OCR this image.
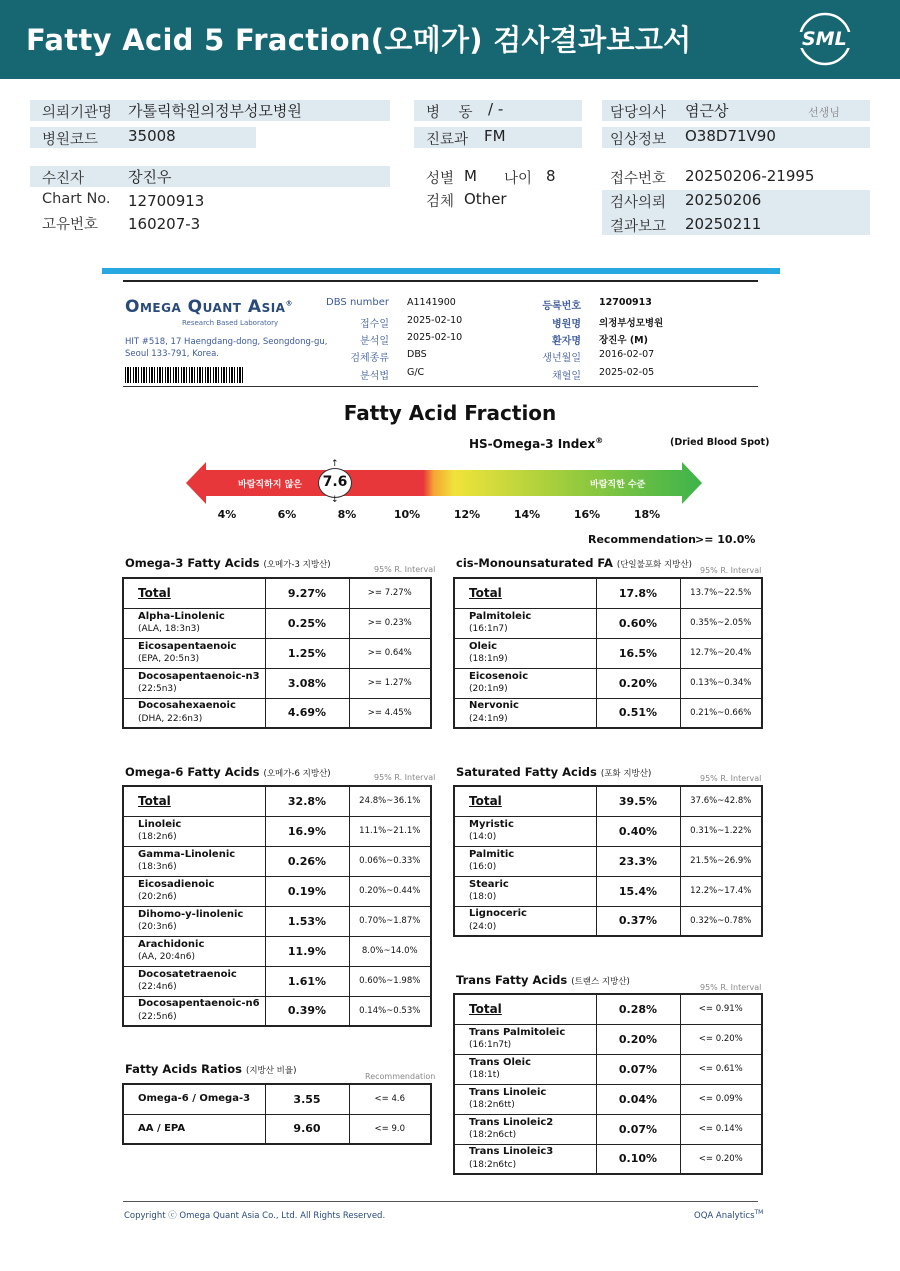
Fatty Acid 5 Fraction(오메가) 검사결과보고서	SML
의뢰기관명 가톨릭학원의정부성모병원
병원코드 35008
병    동 / -
진료과 FM
담당의사 염근상	선생님
임상정보 O38D71V90
수진자	장진우
Chart No. 12700913
고유번호 160207-3
성별 M 나이 8
검체 Other
접수번호 20250206-21995
검사의뢰 20250206
결과보고 20250211
Omega Quant Asia®
Research Based Laboratory
HIT #518, 17 Haengdang-dong, Seongdong-gu,
Seoul 133-791, Korea.
DBS number A1141900
접수일 2025-02-10
분석일 2025-02-10
검체종류 DBS
분석법 G/C
등록번호 12700913
병원명 의정부성모병원
환자명 장진우 (M)
생년월일 2016-02-07
채혈일 2025-02-05
Fatty Acid Fraction
HS-Omega-3 Index®	(Dried Blood Spot)
바람직하지 않은	바람직한 수준
↑
↓
7.6
4%	6%	8%	10%	12%	14%	16%	18%
Recommendation >= 10.0%
Omega-3 Fatty Acids (오메가-3 지방산)	95% R. Interval cis-Monounsaturated FA (단일불포화 지방산)
95% R. Interval
Omega-6 Fatty Acids (오메가-6 지방산)	95% R. Interval Saturated Fatty Acids (포화 지방산)	95% R. Interval
Trans Fatty Acids (트랜스 지방산)
95% R. Interval
Fatty Acids Ratios (지방산 비율)
Recommendation
Total	9.27%	>= 7.27%
Alpha-Linolenic
(ALA, 18:3n3)	0.25%	>= 0.23%
Eicosapentaenoic
(EPA, 20:5n3)	1.25%	>= 0.64%
Docosapentaenoic-n3
(22:5n3)	3.08%	>= 1.27%
Docosahexaenoic
(DHA, 22:6n3)	4.69%	>= 4.45%
Total	17.8%	13.7%~22.5%
Palmitoleic
(16:1n7)	0.60%	0.35%~2.05%
Oleic
(18:1n9)	16.5%	12.7%~20.4%
Eicosenoic
(20:1n9)	0.20%	0.13%~0.34%
Nervonic
(24:1n9)	0.51%	0.21%~0.66%
Total	32.8%	24.8%~36.1%
Linoleic
(18:2n6)	16.9%	11.1%~21.1%
Gamma-Linolenic
(18:3n6)	0.26%	0.06%~0.33%
Eicosadienoic
(20:2n6)	0.19%	0.20%~0.44%
Dihomo-y-linolenic
(20:3n6)	1.53%	0.70%~1.87%
Arachidonic
(AA, 20:4n6)	11.9%	8.0%~14.0%
Docosatetraenoic
(22:4n6)	1.61%	0.60%~1.98%
Docosapentaenoic-n6
(22:5n6)	0.39%	0.14%~0.53%
Total	39.5%	37.6%~42.8%
Myristic
(14:0)	0.40%	0.31%~1.22%
Palmitic
(16:0)	23.3%	21.5%~26.9%
Stearic
(18:0)	15.4%	12.2%~17.4%
Lignoceric
(24:0)	0.37%	0.32%~0.78%
Total	0.28%	<= 0.91%
Trans Palmitoleic
(16:1n7t)	0.20%	<= 0.20%
Trans Oleic
(18:1t)	0.07%	<= 0.61%
Trans Linoleic
(18:2n6tt)	0.04%	<= 0.09%
Trans Linoleic2
(18:2n6ct)	0.07%	<= 0.14%
Trans Linoleic3
(18:2n6tc)	0.10%	<= 0.20%
Omega-6 / Omega-3	3.55	<= 4.6
AA / EPA	9.60	<= 9.0
Copyright ⓒ Omega Quant Asia Co., Ltd. All Rights Reserved.	OQA Analytics™
